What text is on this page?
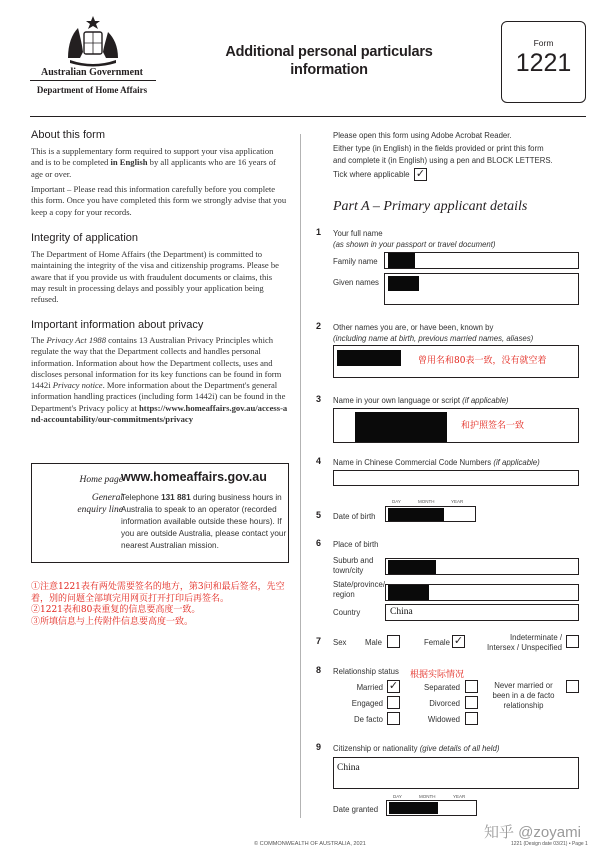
Australian Government
Department of Home Affairs
Additional personal particulars
information
Form
1221
About this form
This is a supplementary form required to support your visa application and is to be completed in English by all applicants who are 16 years of age or over.
Important – Please read this information carefully before you complete this form. Once you have completed this form we strongly advise that you keep a copy for your records.
Integrity of application
The Department of Home Affairs (the Department) is committed to maintaining the integrity of the visa and citizenship programs. Please be aware that if you provide us with fraudulent documents or claims, this may result in processing delays and possibly your application being refused.
Important information about privacy
The Privacy Act 1988 contains 13 Australian Privacy Principles which regulate the way that the Department collects and handles personal information. Information about how the Department collects, uses and discloses personal information for its key functions can be found in form 1442i Privacy notice. More information about the Department's general information handling practices (including form 1442i) can be found in the Department's Privacy policy at https://www.homeaffairs.gov.au/access-and-accountability/our-commitments/privacy
Home page
www.homeaffairs.gov.au
General
enquiry line
Telephone 131 881 during business hours in Australia to speak to an operator (recorded information available outside these hours). If you are outside Australia, please contact your nearest Australian mission.
①注意1221表有两处需要签名的地方，第3问和最后签名，先空着，别的问题全部填完用网页打开打印后再签名。
②1221表和80表重复的信息要高度一致。
③所填信息与上传附件信息要高度一致。
Please open this form using Adobe Acrobat Reader.
Either type (in English) in the fields provided or print this form
and complete it (in English) using a pen and BLOCK LETTERS.
Tick where applicable ✓
Part A – Primary applicant details
1 Your full name
(as shown in your passport or travel document)
Family name
Given names
2 Other names you are, or have been, known by
(including name at birth, previous married names, aliases)
曾用名和80表一致，没有就空着
3 Name in your own language or script (if applicable)
和护照签名一致
4 Name in Chinese Commercial Code Numbers (if applicable)
5 Date of birth
DAY	MONTH	YEAR
6 Place of birth
Suburb and
town/city
State/province/
region
Country	China
7 Sex Male	Female ✓	Indeterminate /
Intersex / Unspecified
8 Relationship status 根据实际情况
Married ✓	Separated	Never married or
been in a de facto
relationship
Engaged	Divorced
De facto	Widowed
9 Citizenship or nationality (give details of all held)
China
DAY	MONTH	YEAR
Date granted
© COMMONWEALTH OF AUSTRALIA, 2021	1221 (Design date 03/21) • Page 1
知乎 @zoyami
